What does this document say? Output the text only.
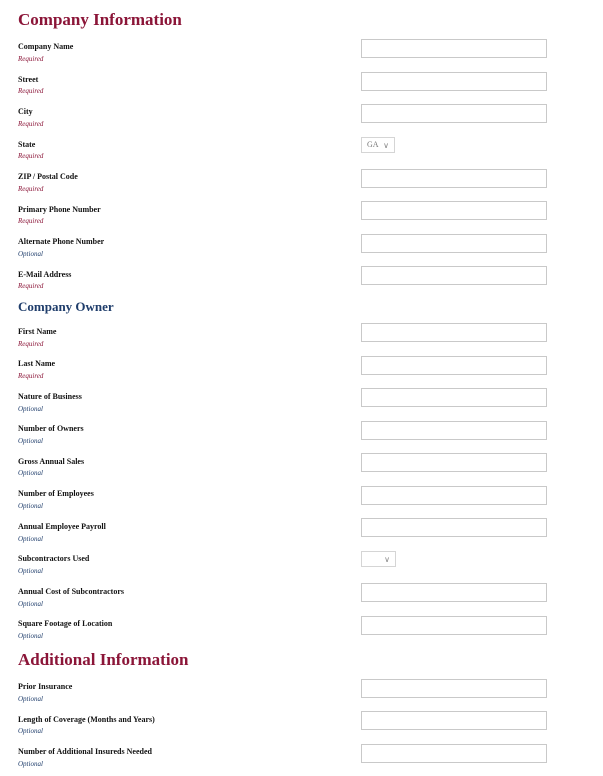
Company Information
Company Name
Required
Street
Required
City
Required
State
Required
GA ∨
ZIP / Postal Code
Required
Primary Phone Number
Required
Alternate Phone Number
Optional
E-Mail Address
Required
Company Owner
First Name
Required
Last Name
Required
Nature of Business
Optional
Number of Owners
Optional
Gross Annual Sales
Optional
Number of Employees
Optional
Annual Employee Payroll
Optional
Subcontractors Used
Optional
∨
Annual Cost of Subcontractors
Optional
Square Footage of Location
Optional
Additional Information
Prior Insurance
Optional
Length of Coverage (Months and Years)
Optional
Number of Additional Insureds Needed
Optional
